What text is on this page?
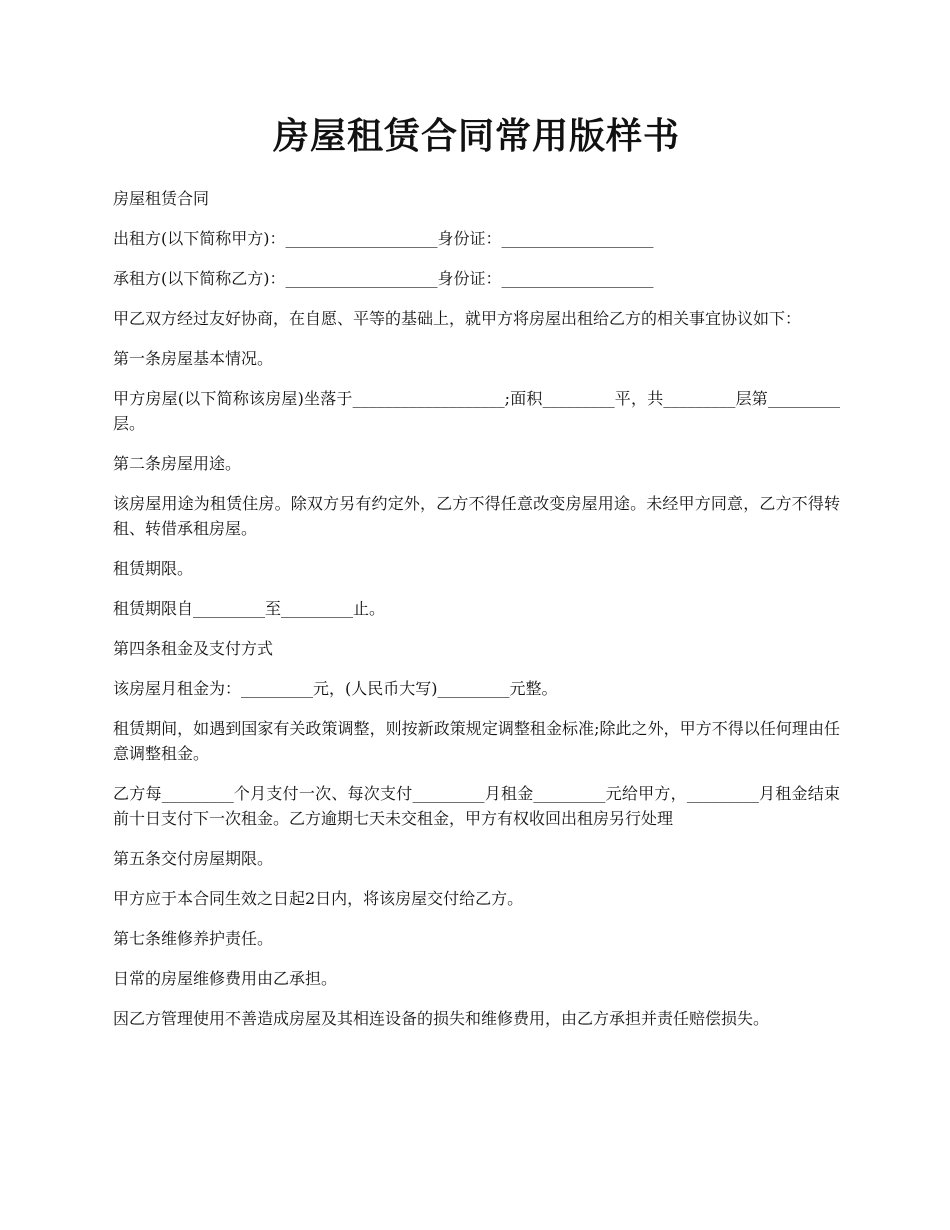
房屋租赁合同常用版样书

房屋租赁合同

出租方(以下简称甲方)：___________________身份证：___________________

承租方(以下简称乙方)：___________________身份证：___________________

甲乙双方经过友好协商，在自愿、平等的基础上，就甲方将房屋出租给乙方的相关事宜协议如下：

第一条房屋基本情况。

甲方房屋(以下简称该房屋)坐落于___________________;面积_________平，共_________层第_________层。

第二条房屋用途。

该房屋用途为租赁住房。除双方另有约定外，乙方不得任意改变房屋用途。未经甲方同意，乙方不得转租、转借承租房屋。

租赁期限。

租赁期限自_________至_________止。

第四条租金及支付方式

该房屋月租金为：_________元，(人民币大写)_________元整。

租赁期间，如遇到国家有关政策调整，则按新政策规定调整租金标准;除此之外，甲方不得以任何理由任意调整租金。

乙方每_________个月支付一次、每次支付_________月租金_________元给甲方，_________月租金结束前十日支付下一次租金。乙方逾期七天未交租金，甲方有权收回出租房另行处理

第五条交付房屋期限。

甲方应于本合同生效之日起2日内，将该房屋交付给乙方。

第七条维修养护责任。

日常的房屋维修费用由乙承担。

因乙方管理使用不善造成房屋及其相连设备的损失和维修费用，由乙方承担并责任赔偿损失。
